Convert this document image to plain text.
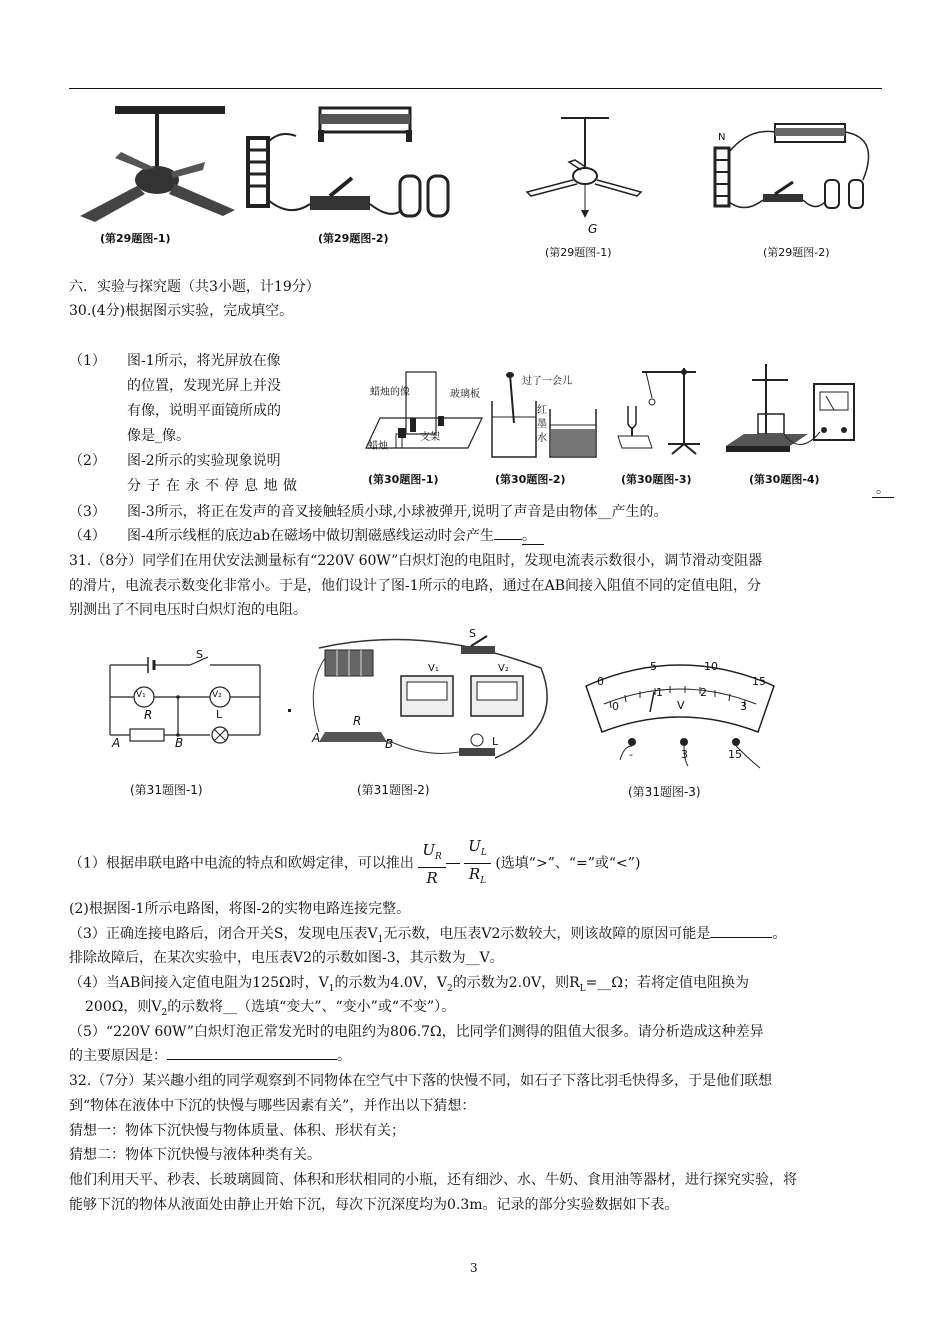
(第29题图-1)	(第29题图-2)
G
(第29题图-1)
N
(第29题图-2)
六．实验与探究题（共3小题，计19分）
30.(4分)根据图示实验，完成填空。
（1） 图-1所示，将光屏放在像
的位置，发现光屏上并没
有像，说明平面镜所成的
像是_像。
（2） 图-2所示的实验现象说明
分子在永不停息地做	。
蜡烛的像	玻璃板
蜡烛
支架
过了一会儿
红
墨
水
(第30题图-1)	(第30题图-2)	(第30题图-3)	(第30题图-4)
（3） 图-3所示，将正在发声的音叉接触轻质小球,小球被弹开,说明了声音是由物体__产生的。
（4） 图-4所示线框的底边ab在磁场中做切割磁感线运动时会产生 。
31.（8分）同学们在用伏安法测量标有“220V 60W”白炽灯泡的电阻时，发现电流表示数很小，调节滑动变阻器
的滑片，电流表示数变化非常小。于是，他们设计了图-1所示的电路，通过在AB间接入阻值不同的定值电阻，分
别测出了不同电压时白炽灯泡的电阻。
S
V₁	V₂
R	L
A	B
S
V₁	V₂
R
A	B	L
0
5	10
15
0
1	2
3
V
-	3	15
(第31题图-1)	(第31题图-2)	(第31题图-3)
（1）根据串联电路中电流的特点和欧姆定律，可以推出 $\frac{U_R}{R}$
$\frac{U_L}{R_L}$ (选填“>”、“=”或“<”)
(2)根据图-1所示电路图，将图-2的实物电路连接完整。
（3）正确连接电路后，闭合开关S，发现电压表$V_1$无示数，电压表V2示数较大，则该故障的原因可能是	。
排除故障后，在某次实验中，电压表V2的示数如图-3，其示数为__V。
（4）当AB间接入定值电阻为125Ω时，$V_1$的示数为4.0V，$V_2$的示数为2.0V，则$R_L=\_\_\Omega$；若将定值电阻换为
200Ω，则$V_2$的示数将__（选填“变大”、“变小”或“不变”）。
（5）“220V 60W”白炽灯泡正常发光时的电阻约为806.7Ω，比同学们测得的阻值大很多。请分析造成这种差异
的主要原因是：	。
32.（7分）某兴趣小组的同学观察到不同物体在空气中下落的快慢不同，如石子下落比羽毛快得多，于是他们联想
到“物体在液体中下沉的快慢与哪些因素有关”，并作出以下猜想：
猜想一：物体下沉快慢与物体质量、体积、形状有关；
猜想二：物体下沉快慢与液体种类有关。
他们利用天平、秒表、长玻璃圆筒、体积和形状相同的小瓶，还有细沙、水、牛奶、食用油等器材，进行探究实验，将
能够下沉的物体从液面处由静止开始下沉，每次下沉深度均为0.3m。记录的部分实验数据如下表。
3
